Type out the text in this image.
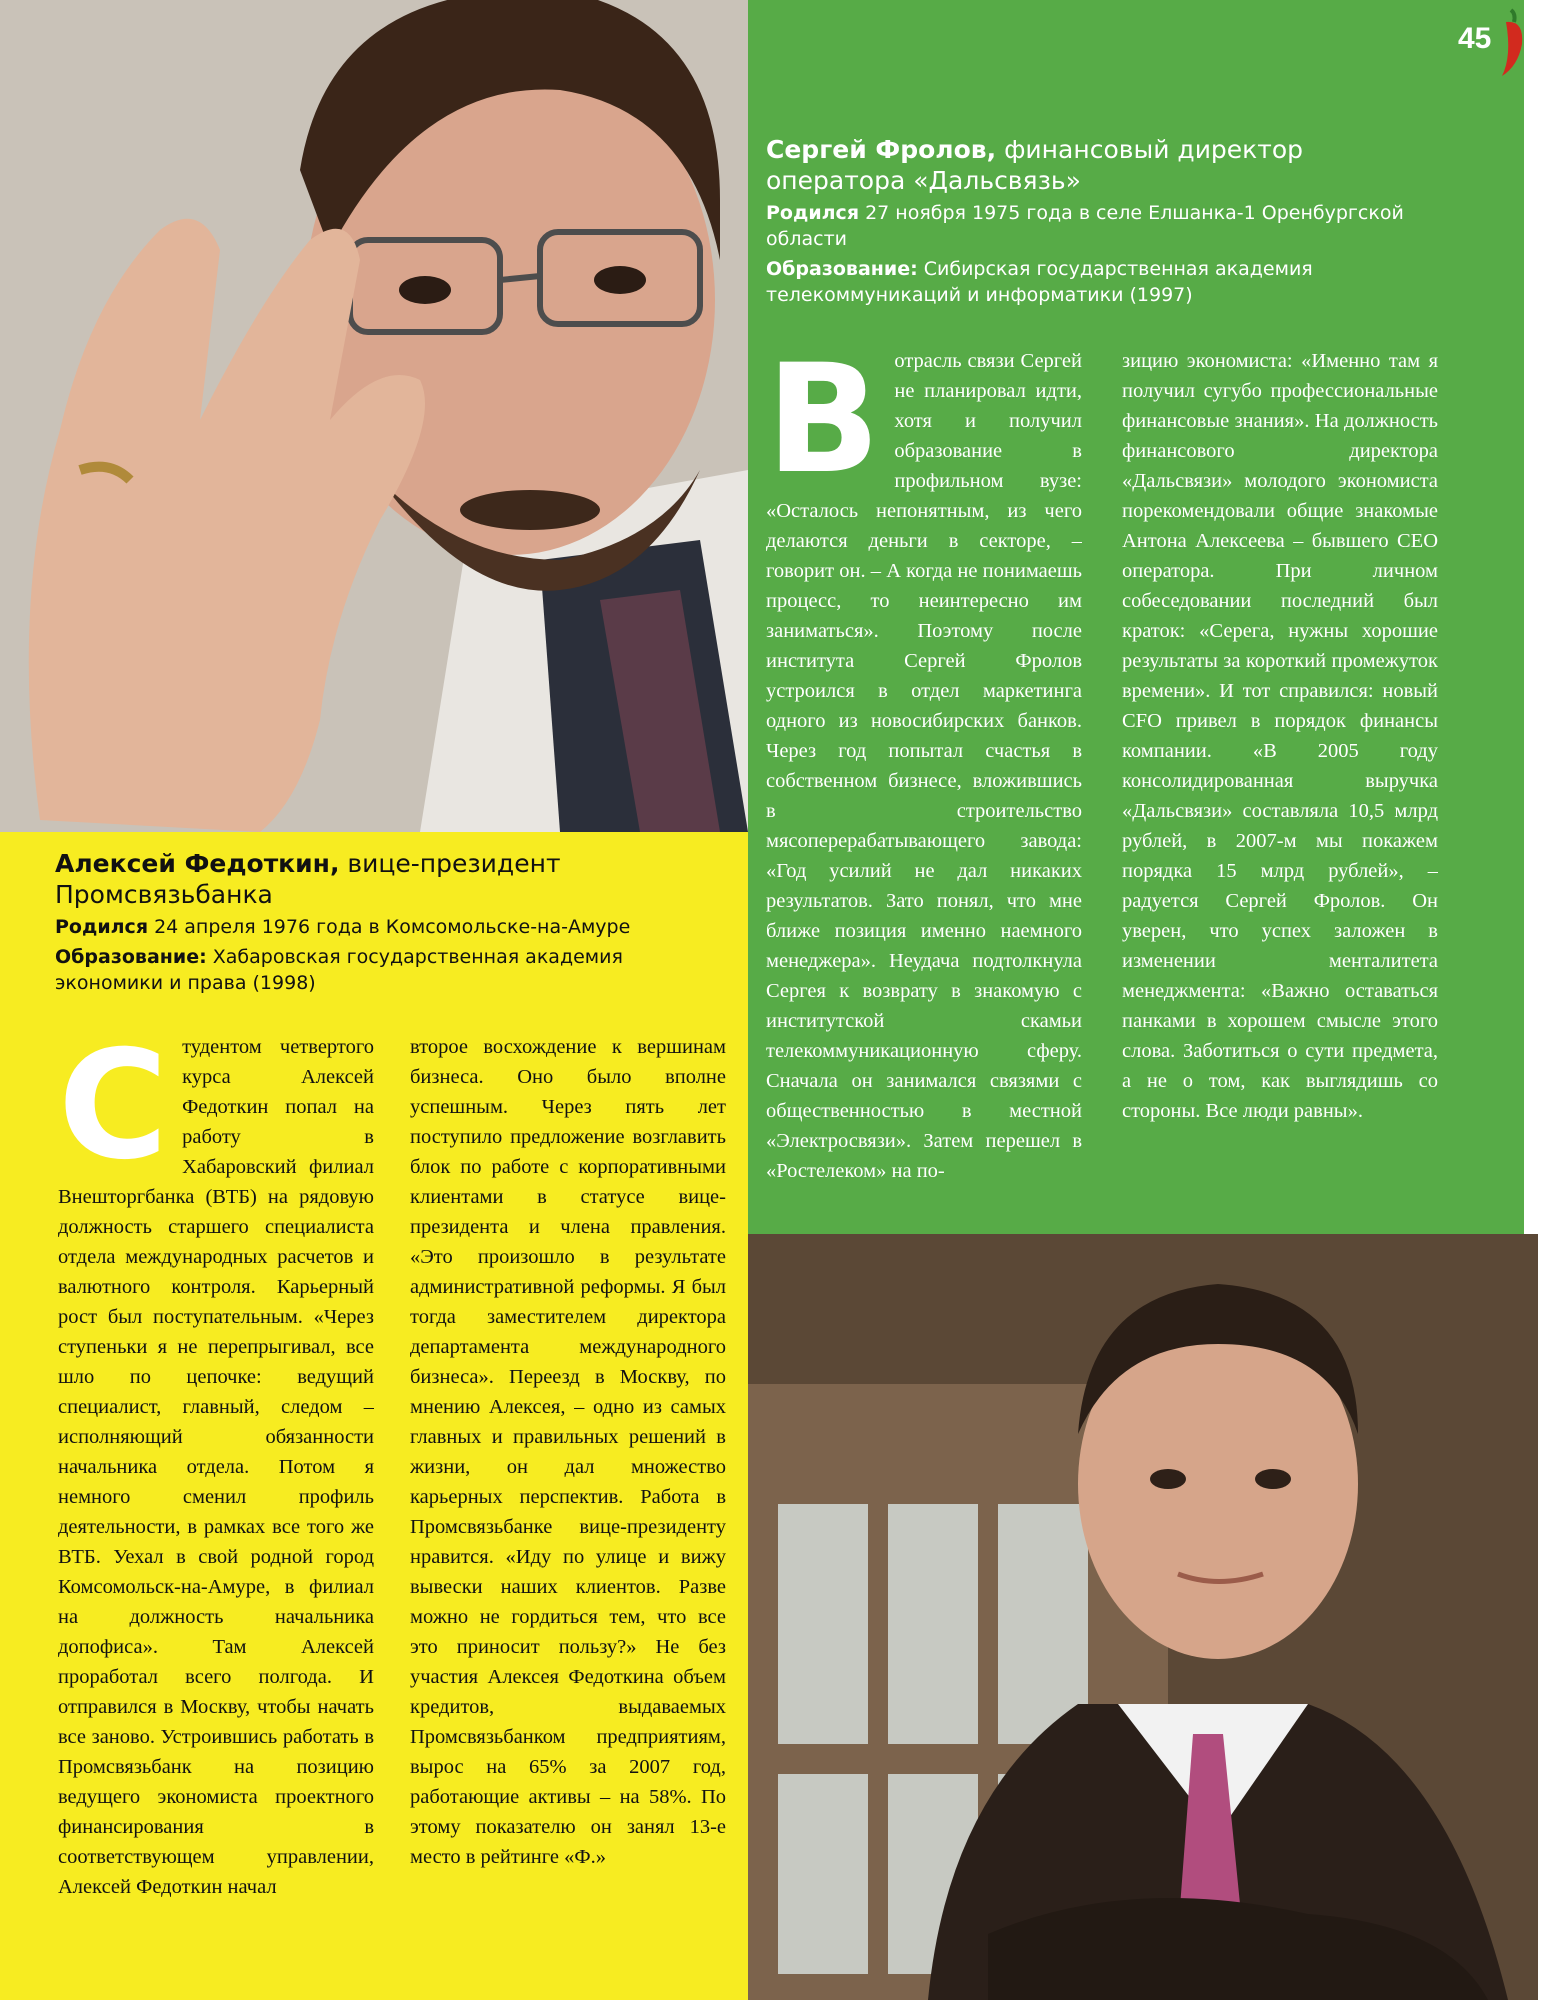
45

Сергей Фролов, финансовый директор оператора «Дальсвязь»

Родился 27 ноября 1975 года в селе Елшанка-1 Оренбургской области

Образование: Сибирская государственная академия телекоммуникаций и информатики (1997)

В отрасль связи Сергей не планировал идти, хотя и получил образование в профильном вузе: «Осталось непонятным, из чего делаются деньги в секторе, – говорит он. – А когда не понимаешь процесс, то неинтересно им заниматься». Поэтому после института Сергей Фролов устроился в отдел маркетинга одного из новосибирских банков. Через год попытал счастья в собственном бизнесе, вложившись в строительство мясоперерабатывающего завода: «Год усилий не дал никаких результатов. Зато понял, что мне ближе позиция именно наемного менеджера». Неудача подтолкнула Сергея к возврату в знакомую с институтской скамьи телекоммуникационную сферу. Сначала он занимался связями с общественностью в местной «Электросвязи». Затем перешел в «Ростелеком» на по-
зицию экономиста: «Именно там я получил сугубо профессиональные финансовые знания». На должность финансового директора «Дальсвязи» молодого экономиста порекомендовали общие знакомые Антона Алексеева – бывшего CEO оператора. При личном собеседовании последний был краток: «Серега, нужны хорошие результаты за короткий промежуток времени». И тот справился: новый CFO привел в порядок финансы компании. «В 2005 году консолидированная выручка «Дальсвязи» составляла 10,5 млрд рублей, в 2007-м мы покажем порядка 15 млрд рублей», – радуется Сергей Фролов. Он уверен, что успех заложен в изменении менталитета менеджмента: «Важно оставаться панками в хорошем смысле этого слова. Заботиться о сути предмета, а не о том, как выглядишь со стороны. Все люди равны».

Алексей Федоткин, вице-президент Промсвязьбанка

Родился 24 апреля 1976 года в Комсомольске-на-Амуре

Образование: Хабаровская государственная академия экономики и права (1998)

С тудентом четвертого курса Алексей Федоткин попал на работу в Хабаровский филиал Внешторгбанка (ВТБ) на рядовую должность старшего специалиста отдела международных расчетов и валютного контроля. Карьерный рост был поступательным. «Через ступеньки я не перепрыгивал, все шло по цепочке: ведущий специалист, главный, следом – исполняющий обязанности начальника отдела. Потом я немного сменил профиль деятельности, в рамках все того же ВТБ. Уехал в свой родной город Комсомольск-на-Амуре, в филиал на должность начальника допофиса». Там Алексей проработал всего полгода. И отправился в Москву, чтобы начать все заново. Устроившись работать в Промсвязьбанк на позицию ведущего экономиста проектного финансирования в соответствующем управлении, Алексей Федоткин начал
второе восхождение к вершинам бизнеса. Оно было вполне успешным. Через пять лет поступило предложение возглавить блок по работе с корпоративными клиентами в статусе вице-президента и члена правления. «Это произошло в результате административной реформы. Я был тогда заместителем директора департамента международного бизнеса». Переезд в Москву, по мнению Алексея, – одно из самых главных и правильных решений в жизни, он дал множество карьерных перспектив. Работа в Промсвязьбанке вице-президенту нравится. «Иду по улице и вижу вывески наших клиентов. Разве можно не гордиться тем, что все это приносит пользу?» Не без участия Алексея Федоткина объем кредитов, выдаваемых Промсвязьбанком предприятиям, вырос на 65% за 2007 год, работающие активы – на 58%. По этому показателю он занял 13-е место в рейтинге «Ф.»
